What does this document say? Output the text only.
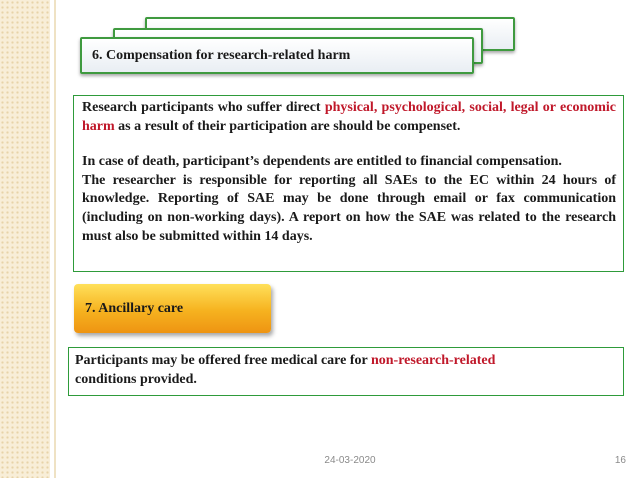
6. Compensation for research-related harm

Research participants who suffer direct physical, psychological, social, legal or economic harm as a result of their participation are should be compenset.

In case of death, participant’s dependents are entitled to financial compensation.

The researcher is responsible for reporting all SAEs to the EC within 24 hours of knowledge. Reporting of SAE may be done through email or fax communication (including on non-working days). A report on how the SAE was related to the research must also be submitted within 14 days.

7. Ancillary care

Participants may be offered free medical care for non-research-related
conditions provided.

24-03-2020	16
